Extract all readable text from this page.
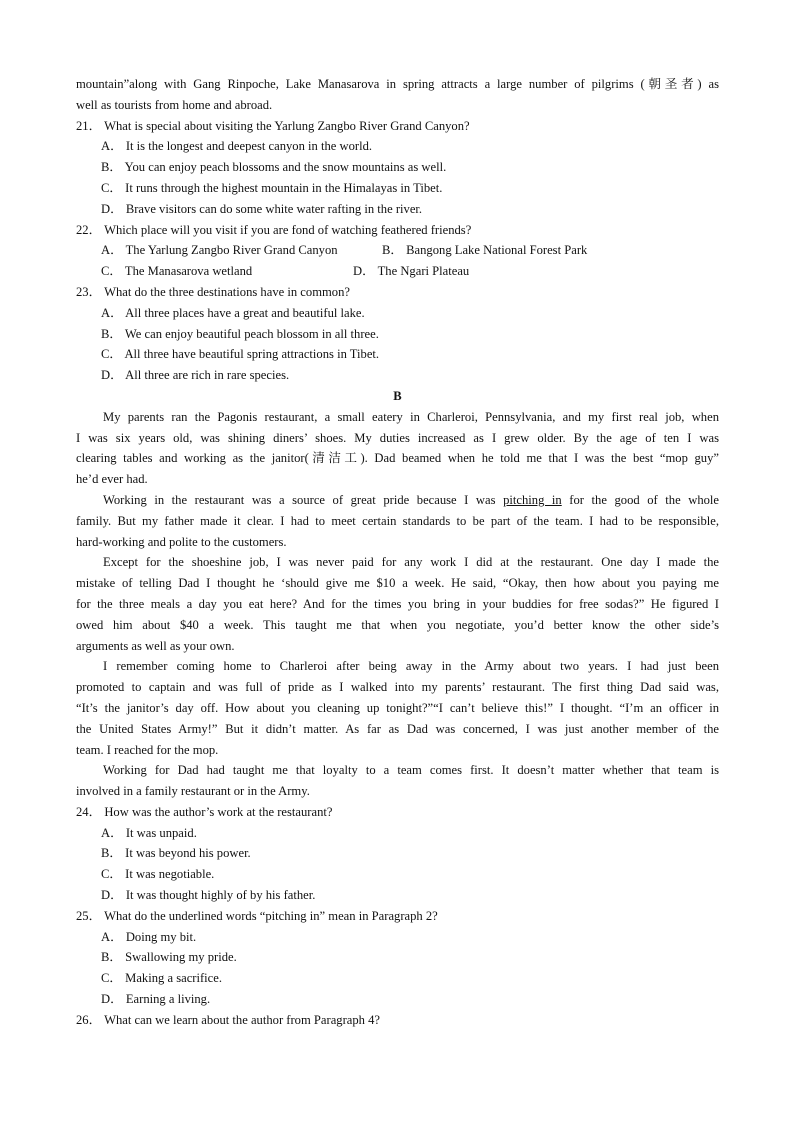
mountain”along with Gang Rinpoche, Lake Manasarova in spring attracts a large number of pilgrims (朝圣者) as
well as tourists from home and abroad.
21． What is special about visiting the Yarlung Zangbo River Grand Canyon?
A． It is the longest and deepest canyon in the world.
B． You can enjoy peach blossoms and the snow mountains as well.
C． It runs through the highest mountain in the Himalayas in Tibet.
D． Brave visitors can do some white water rafting in the river.
22． Which place will you visit if you are fond of watching feathered friends?
A． The Yarlung Zangbo River Grand Canyon	B． Bangong Lake National Forest Park
C． The Manasarova wetland	D． The Ngari Plateau
23． What do the three destinations have in common?
A． All three places have a great and beautiful lake.
B． We can enjoy beautiful peach blossom in all three.
C． All three have beautiful spring attractions in Tibet.
D． All three are rich in rare species.
B
My parents ran the Pagonis restaurant, a small eatery in Charleroi, Pennsylvania, and my first real job, when
I was six years old, was shining diners’ shoes. My duties increased as I grew older. By the age of ten I was
clearing tables and working as the janitor(清洁工). Dad beamed when he told me that I was the best “mop guy”
he’d ever had.
Working in the restaurant was a source of great pride because I was pitching in for the good of the whole
family. But my father made it clear. I had to meet certain standards to be part of the team. I had to be responsible,
hard-working and polite to the customers.
Except for the shoeshine job, I was never paid for any work I did at the restaurant. One day I made the
mistake of telling Dad I thought he ‘should give me $10 a week. He said, “Okay, then how about you paying me
for the three meals a day you eat here? And for the times you bring in your buddies for free sodas?” He figured I
owed him about $40 a week. This taught me that when you negotiate, you’d better know the other side’s
arguments as well as your own.
I remember coming home to Charleroi after being away in the Army about two years. I had just been
promoted to captain and was full of pride as I walked into my parents’ restaurant. The first thing Dad said was,
“It’s the janitor’s day off. How about you cleaning up tonight?”“I can’t believe this!” I thought. “I’m an officer in
the United States Army!” But it didn’t matter. As far as Dad was concerned, I was just another member of the
team. I reached for the mop.
Working for Dad had taught me that loyalty to a team comes first. It doesn’t matter whether that team is
involved in a family restaurant or in the Army.
24． How was the author’s work at the restaurant?
A． It was unpaid.
B． It was beyond his power.
C． It was negotiable.
D． It was thought highly of by his father.
25． What do the underlined words “pitching in” mean in Paragraph 2?
A． Doing my bit.
B． Swallowing my pride.
C． Making a sacrifice.
D． Earning a living.
26． What can we learn about the author from Paragraph 4?
